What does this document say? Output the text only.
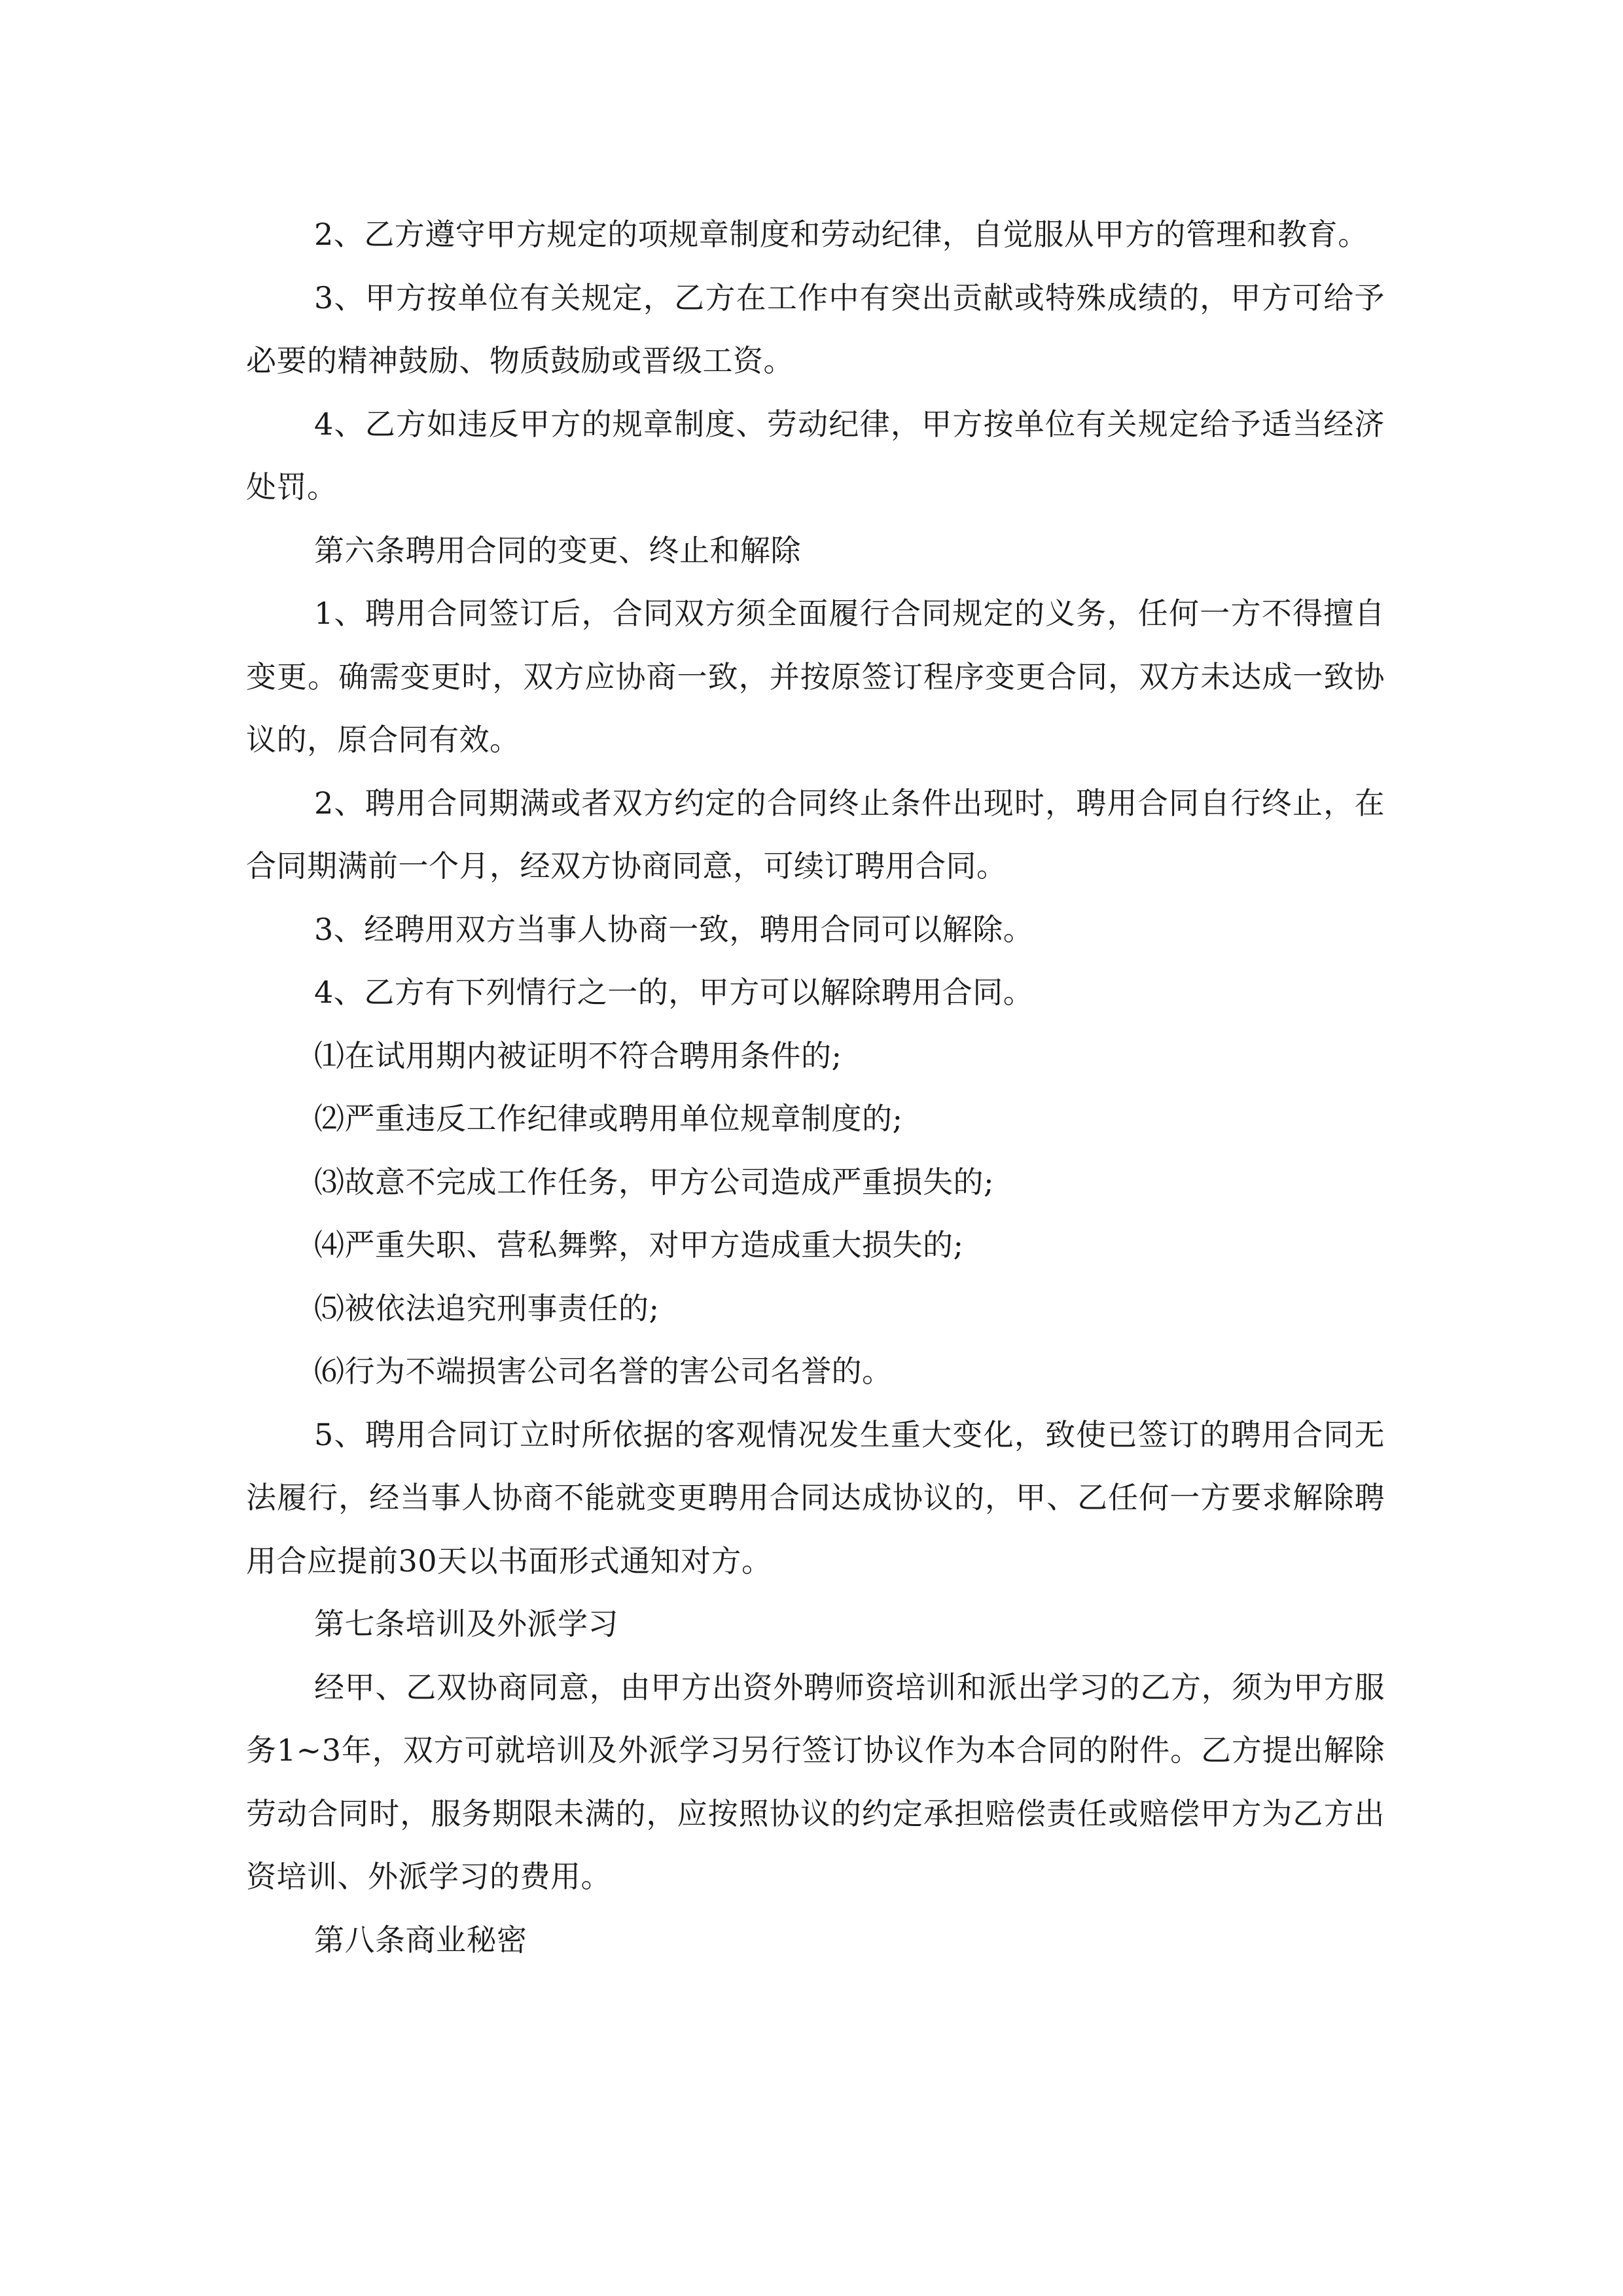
2、乙方遵守甲方规定的项规章制度和劳动纪律，自觉服从甲方的管理和教育。

3、甲方按单位有关规定，乙方在工作中有突出贡献或特殊成绩的，甲方可给予必要的精神鼓励、物质鼓励或晋级工资。

4、乙方如违反甲方的规章制度、劳动纪律，甲方按单位有关规定给予适当经济处罚。

第六条聘用合同的变更、终止和解除

1、聘用合同签订后，合同双方须全面履行合同规定的义务，任何一方不得擅自变更。确需变更时，双方应协商一致，并按原签订程序变更合同，双方未达成一致协议的，原合同有效。

2、聘用合同期满或者双方约定的合同终止条件出现时，聘用合同自行终止，在合同期满前一个月，经双方协商同意，可续订聘用合同。

3、经聘用双方当事人协商一致，聘用合同可以解除。

4、乙方有下列情行之一的，甲方可以解除聘用合同。

⑴在试用期内被证明不符合聘用条件的;

⑵严重违反工作纪律或聘用单位规章制度的;

⑶故意不完成工作任务，甲方公司造成严重损失的;

⑷严重失职、营私舞弊，对甲方造成重大损失的;

⑸被依法追究刑事责任的;

⑹行为不端损害公司名誉的害公司名誉的。

5、聘用合同订立时所依据的客观情况发生重大变化，致使已签订的聘用合同无法履行，经当事人协商不能就变更聘用合同达成协议的，甲、乙任何一方要求解除聘用合应提前30天以书面形式通知对方。

第七条培训及外派学习

经甲、乙双协商同意，由甲方出资外聘师资培训和派出学习的乙方，须为甲方服务1~3年，双方可就培训及外派学习另行签订协议作为本合同的附件。乙方提出解除劳动合同时，服务期限未满的，应按照协议的约定承担赔偿责任或赔偿甲方为乙方出资培训、外派学习的费用。

第八条商业秘密
